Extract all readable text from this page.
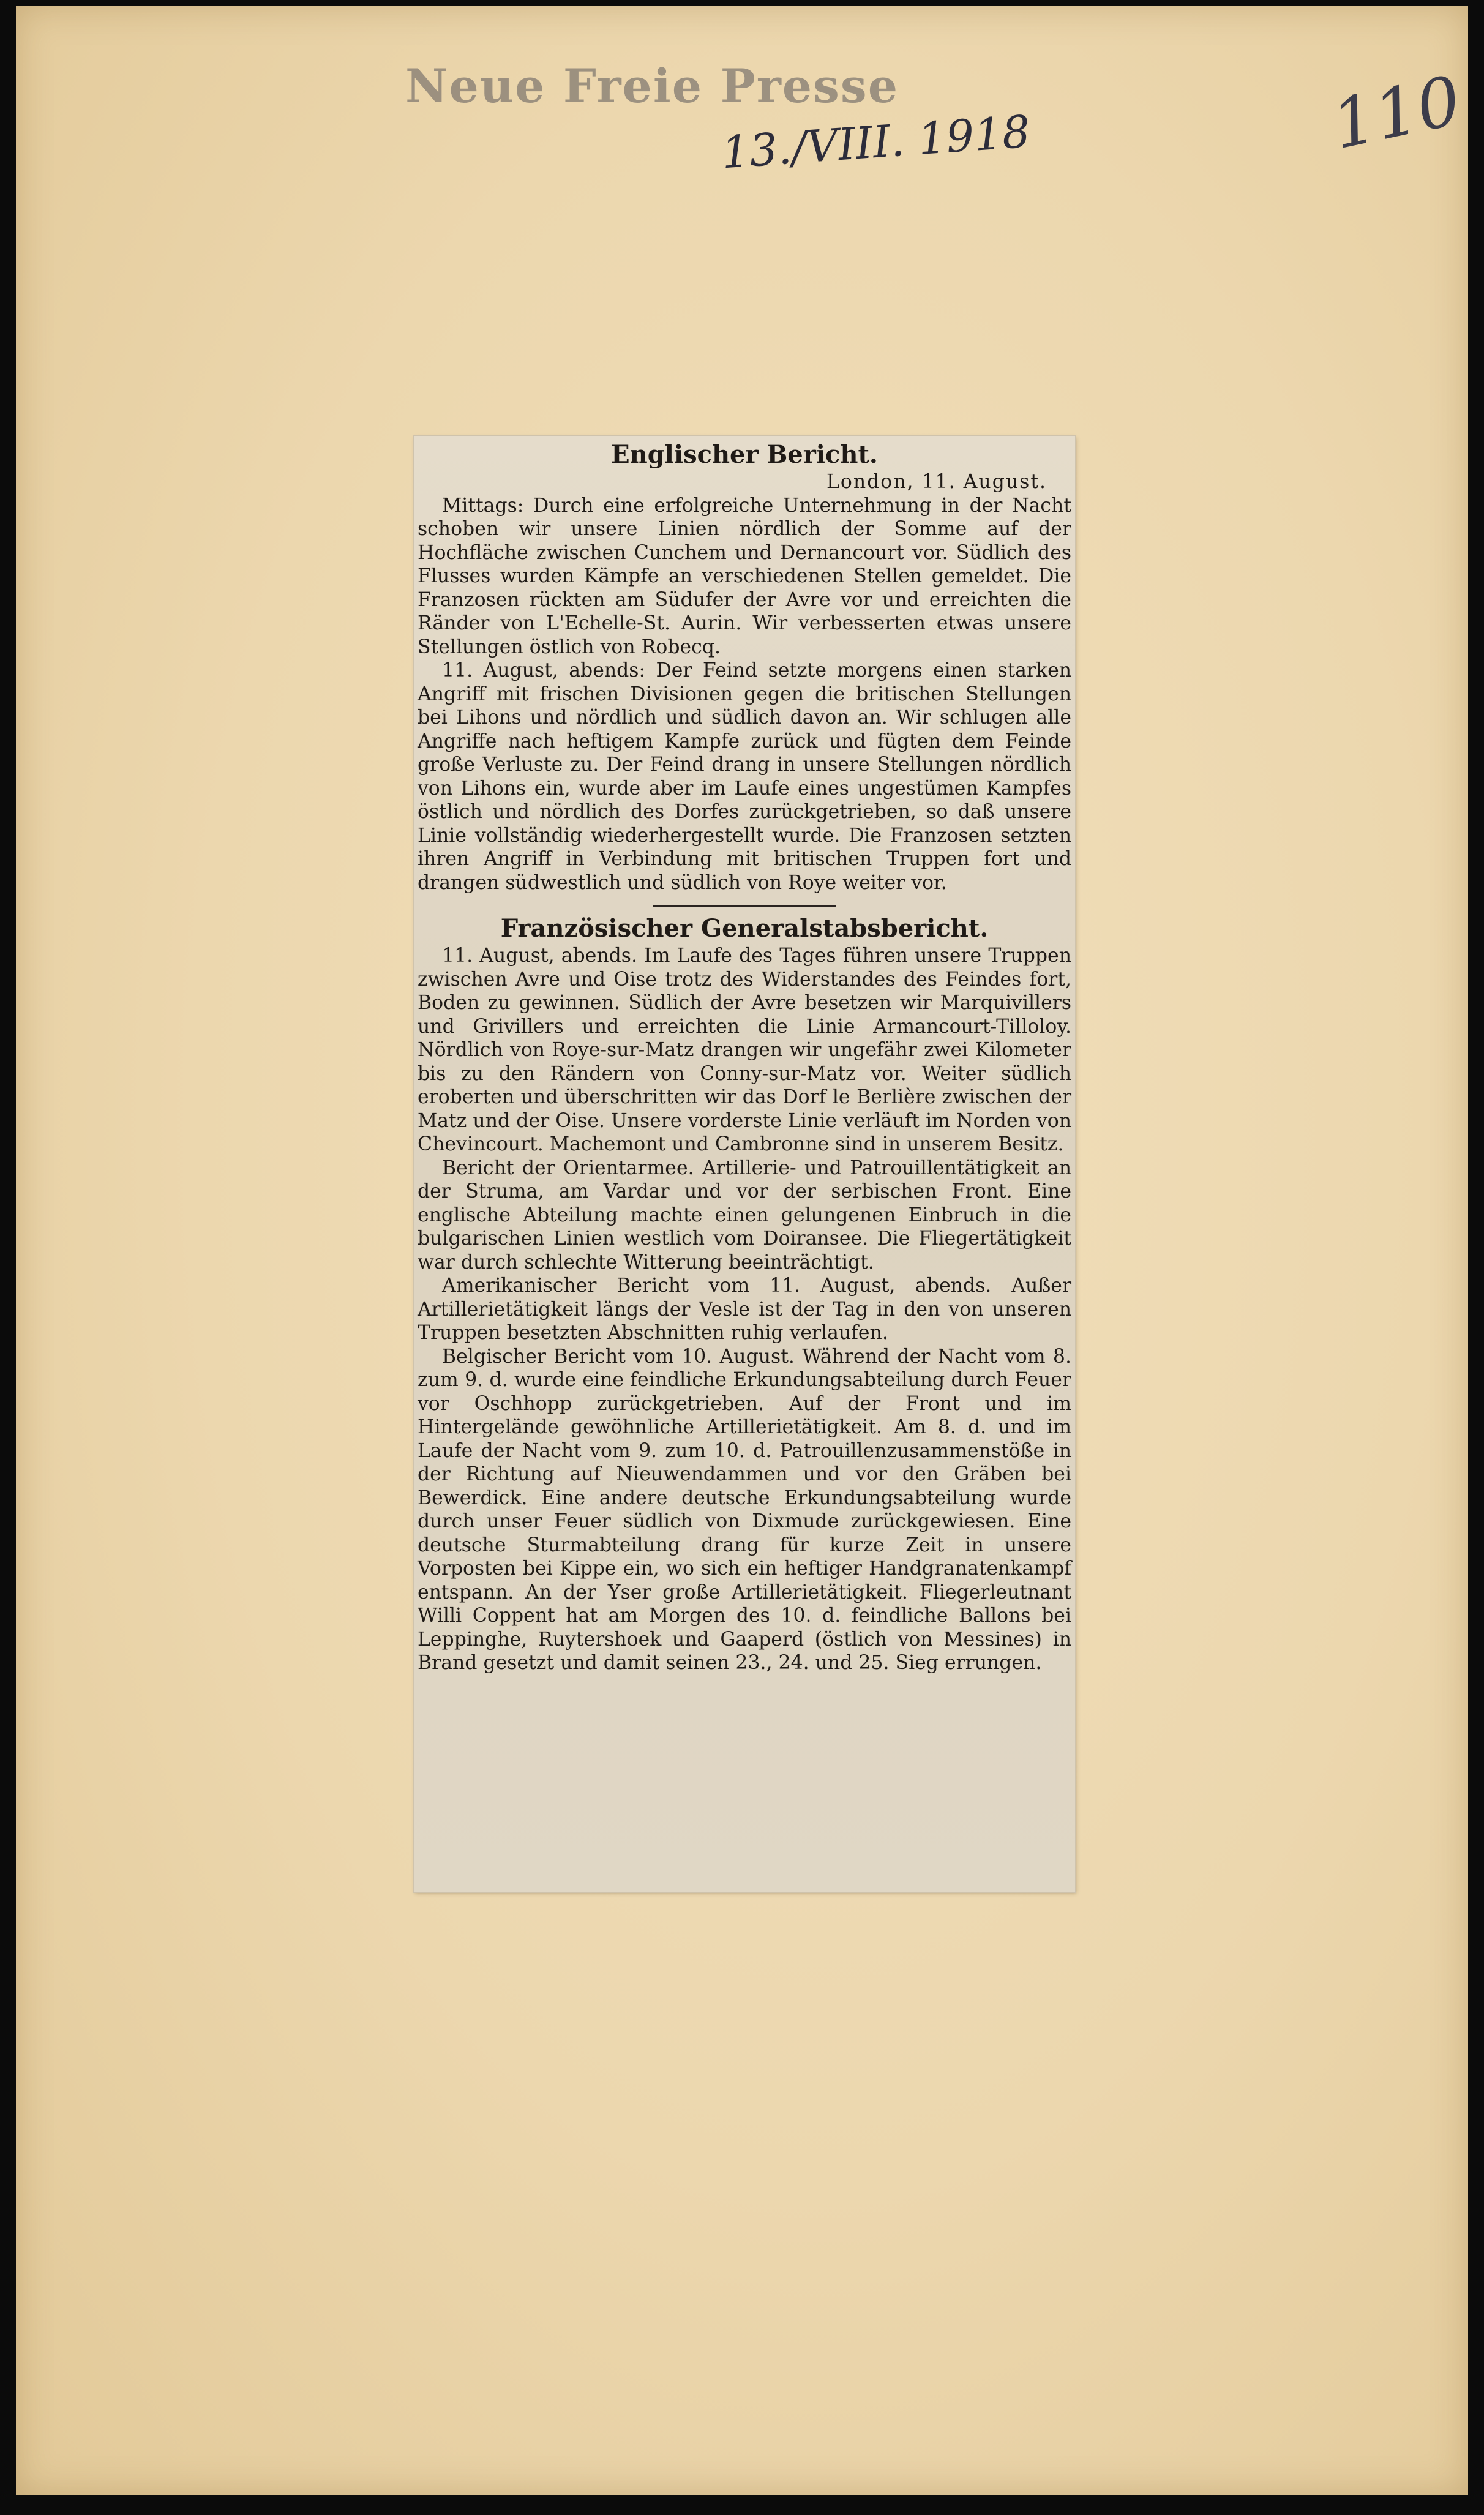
Neue Freie Presse
13./VIII. 1918	110

Englischer Bericht.

London, 11. August.

Mittags: Durch eine erfolgreiche Unternehmung in der Nacht schoben wir unsere Linien nördlich der Somme auf der Hochfläche zwischen Cunchem und Dernancourt vor. Südlich des Flusses wurden Kämpfe an verschiedenen Stellen gemeldet. Die Franzosen rückten am Südufer der Avre vor und erreichten die Ränder von L'Echelle-St. Aurin. Wir verbesserten etwas unsere Stellungen östlich von Robecq.

11. August, abends: Der Feind setzte morgens einen starken Angriff mit frischen Divisionen gegen die britischen Stellungen bei Lihons und nördlich und südlich davon an. Wir schlugen alle Angriffe nach heftigem Kampfe zurück und fügten dem Feinde große Verluste zu. Der Feind drang in unsere Stellungen nördlich von Lihons ein, wurde aber im Laufe eines ungestümen Kampfes östlich und nördlich des Dorfes zurückgetrieben, so daß unsere Linie vollständig wiederhergestellt wurde. Die Franzosen setzten ihren Angriff in Verbindung mit britischen Truppen fort und drangen südwestlich und südlich von Roye weiter vor.

Französischer Generalstabsbericht.

11. August, abends. Im Laufe des Tages führen unsere Truppen zwischen Avre und Oise trotz des Widerstandes des Feindes fort, Boden zu gewinnen. Südlich der Avre besetzen wir Marquivillers und Grivillers und erreichten die Linie Armancourt-Tilloloy. Nördlich von Roye-sur-Matz drangen wir ungefähr zwei Kilometer bis zu den Rändern von Conny-sur-Matz vor. Weiter südlich eroberten und überschritten wir das Dorf le Berlière zwischen der Matz und der Oise. Unsere vorderste Linie verläuft im Norden von Chevincourt. Machemont und Cambronne sind in unserem Besitz.

Bericht der Orientarmee. Artillerie- und Patrouillentätigkeit an der Struma, am Vardar und vor der serbischen Front. Eine englische Abteilung machte einen gelungenen Einbruch in die bulgarischen Linien westlich vom Doiransee. Die Fliegertätigkeit war durch schlechte Witterung beeinträchtigt.

Amerikanischer Bericht vom 11. August, abends. Außer Artillerietätigkeit längs der Vesle ist der Tag in den von unseren Truppen besetzten Abschnitten ruhig verlaufen.

Belgischer Bericht vom 10. August. Während der Nacht vom 8. zum 9. d. wurde eine feindliche Erkundungsabteilung durch Feuer vor Oschhopp zurückgetrieben. Auf der Front und im Hintergelände gewöhnliche Artillerietätigkeit. Am 8. d. und im Laufe der Nacht vom 9. zum 10. d. Patrouillenzusammenstöße in der Richtung auf Nieuwendammen und vor den Gräben bei Bewerdick. Eine andere deutsche Erkundungsabteilung wurde durch unser Feuer südlich von Dixmude zurückgewiesen. Eine deutsche Sturmabteilung drang für kurze Zeit in unsere Vorposten bei Kippe ein, wo sich ein heftiger Handgranatenkampf entspann. An der Yser große Artillerietätigkeit. Fliegerleutnant Willi Coppent hat am Morgen des 10. d. feindliche Ballons bei Leppinghe, Ruytershoek und Gaaperd (östlich von Messines) in Brand gesetzt und damit seinen 23., 24. und 25. Sieg errungen.
